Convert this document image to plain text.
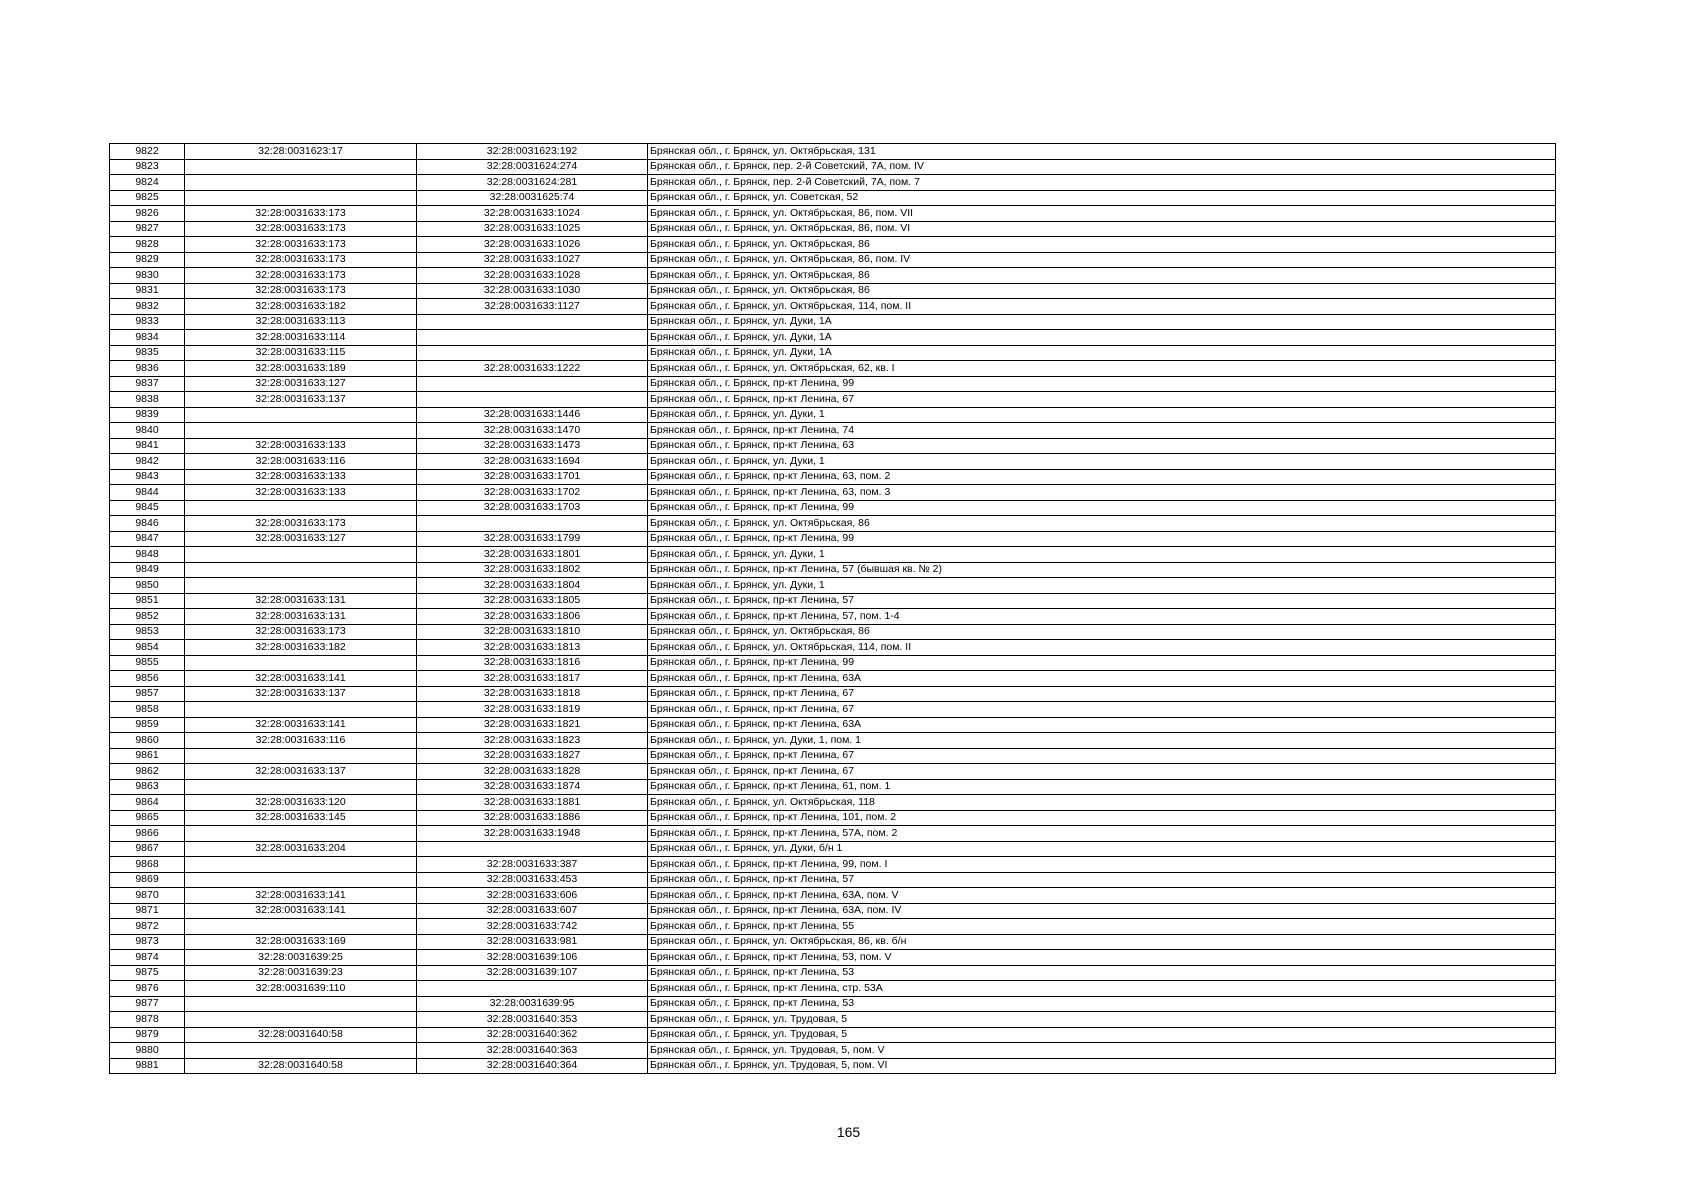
9822	32:28:0031623:17	32:28:0031623:192	Брянская обл., г. Брянск, ул. Октябрьская, 131
9823		32:28:0031624:274	Брянская обл., г. Брянск, пер. 2-й Советский, 7А, пом. IV
9824		32:28:0031624:281	Брянская обл., г. Брянск, пер. 2-й Советский, 7А, пом. 7
9825		32:28:0031625:74	Брянская обл., г. Брянск, ул. Советская, 52
9826	32:28:0031633:173	32:28:0031633:1024	Брянская обл., г. Брянск, ул. Октябрьская, 86, пом. VII
9827	32:28:0031633:173	32:28:0031633:1025	Брянская обл., г. Брянск, ул. Октябрьская, 86, пом. VI
9828	32:28:0031633:173	32:28:0031633:1026	Брянская обл., г. Брянск, ул. Октябрьская, 86
9829	32:28:0031633:173	32:28:0031633:1027	Брянская обл., г. Брянск, ул. Октябрьская, 86, пом. IV
9830	32:28:0031633:173	32:28:0031633:1028	Брянская обл., г. Брянск, ул. Октябрьская, 86
9831	32:28:0031633:173	32:28:0031633:1030	Брянская обл., г. Брянск, ул. Октябрьская, 86
9832	32:28:0031633:182	32:28:0031633:1127	Брянская обл., г. Брянск, ул. Октябрьская, 114, пом. II
9833	32:28:0031633:113		Брянская обл., г. Брянск, ул. Дуки, 1А
9834	32:28:0031633:114		Брянская обл., г. Брянск, ул. Дуки, 1А
9835	32:28:0031633:115		Брянская обл., г. Брянск, ул. Дуки, 1А
9836	32:28:0031633:189	32:28:0031633:1222	Брянская обл., г. Брянск, ул. Октябрьская, 62, кв. I
9837	32:28:0031633:127		Брянская обл., г. Брянск, пр-кт Ленина, 99
9838	32:28:0031633:137		Брянская обл., г. Брянск, пр-кт Ленина, 67
9839		32:28:0031633:1446	Брянская обл., г. Брянск, ул. Дуки, 1
9840		32:28:0031633:1470	Брянская обл., г. Брянск, пр-кт Ленина, 74
9841	32:28:0031633:133	32:28:0031633:1473	Брянская обл., г. Брянск, пр-кт Ленина, 63
9842	32:28:0031633:116	32:28:0031633:1694	Брянская обл., г. Брянск, ул. Дуки, 1
9843	32:28:0031633:133	32:28:0031633:1701	Брянская обл., г. Брянск, пр-кт Ленина, 63, пом. 2
9844	32:28:0031633:133	32:28:0031633:1702	Брянская обл., г. Брянск, пр-кт Ленина, 63, пом. 3
9845		32:28:0031633:1703	Брянская обл., г. Брянск, пр-кт Ленина, 99
9846	32:28:0031633:173		Брянская обл., г. Брянск, ул. Октябрьская, 86
9847	32:28:0031633:127	32:28:0031633:1799	Брянская обл., г. Брянск, пр-кт Ленина, 99
9848		32:28:0031633:1801	Брянская обл., г. Брянск, ул. Дуки, 1
9849		32:28:0031633:1802	Брянская обл., г. Брянск, пр-кт Ленина, 57 (бывшая кв. № 2)
9850		32:28:0031633:1804	Брянская обл., г. Брянск, ул. Дуки, 1
9851	32:28:0031633:131	32:28:0031633:1805	Брянская обл., г. Брянск, пр-кт Ленина, 57
9852	32:28:0031633:131	32:28:0031633:1806	Брянская обл., г. Брянск, пр-кт Ленина, 57, пом. 1-4
9853	32:28:0031633:173	32:28:0031633:1810	Брянская обл., г. Брянск, ул. Октябрьская, 86
9854	32:28:0031633:182	32:28:0031633:1813	Брянская обл., г. Брянск, ул. Октябрьская, 114, пом. II
9855		32:28:0031633:1816	Брянская обл., г. Брянск, пр-кт Ленина, 99
9856	32:28:0031633:141	32:28:0031633:1817	Брянская обл., г. Брянск, пр-кт Ленина, 63А
9857	32:28:0031633:137	32:28:0031633:1818	Брянская обл., г. Брянск, пр-кт Ленина, 67
9858		32:28:0031633:1819	Брянская обл., г. Брянск, пр-кт Ленина, 67
9859	32:28:0031633:141	32:28:0031633:1821	Брянская обл., г. Брянск, пр-кт Ленина, 63А
9860	32:28:0031633:116	32:28:0031633:1823	Брянская обл., г. Брянск, ул. Дуки, 1, пом. 1
9861		32:28:0031633:1827	Брянская обл., г. Брянск, пр-кт Ленина, 67
9862	32:28:0031633:137	32:28:0031633:1828	Брянская обл., г. Брянск, пр-кт Ленина, 67
9863		32:28:0031633:1874	Брянская обл., г. Брянск, пр-кт Ленина, 61, пом. 1
9864	32:28:0031633:120	32:28:0031633:1881	Брянская обл., г. Брянск, ул. Октябрьская, 118
9865	32:28:0031633:145	32:28:0031633:1886	Брянская обл., г. Брянск, пр-кт Ленина, 101, пом. 2
9866		32:28:0031633:1948	Брянская обл., г. Брянск, пр-кт Ленина, 57А, пом. 2
9867	32:28:0031633:204		Брянская обл., г. Брянск, ул. Дуки, б/н 1
9868		32:28:0031633:387	Брянская обл., г. Брянск, пр-кт Ленина, 99, пом. I
9869		32:28:0031633:453	Брянская обл., г. Брянск, пр-кт Ленина, 57
9870	32:28:0031633:141	32:28:0031633:606	Брянская обл., г. Брянск, пр-кт Ленина, 63А, пом. V
9871	32:28:0031633:141	32:28:0031633:607	Брянская обл., г. Брянск, пр-кт Ленина, 63А, пом. IV
9872		32:28:0031633:742	Брянская обл., г. Брянск, пр-кт Ленина, 55
9873	32:28:0031633:169	32:28:0031633:981	Брянская обл., г. Брянск, ул. Октябрьская, 86, кв. б/н
9874	32:28:0031639:25	32:28:0031639:106	Брянская обл., г. Брянск, пр-кт Ленина, 53, пом. V
9875	32:28:0031639:23	32:28:0031639:107	Брянская обл., г. Брянск, пр-кт Ленина, 53
9876	32:28:0031639:110		Брянская обл., г. Брянск, пр-кт Ленина, стр. 53А
9877		32:28:0031639:95	Брянская обл., г. Брянск, пр-кт Ленина, 53
9878		32:28:0031640:353	Брянская обл., г. Брянск, ул. Трудовая, 5
9879	32:28:0031640:58	32:28:0031640:362	Брянская обл., г. Брянск, ул. Трудовая, 5
9880		32:28:0031640:363	Брянская обл., г. Брянск, ул. Трудовая, 5, пом. V
9881	32:28:0031640:58	32:28:0031640:364	Брянская обл., г. Брянск, ул. Трудовая, 5, пом. VI
165
